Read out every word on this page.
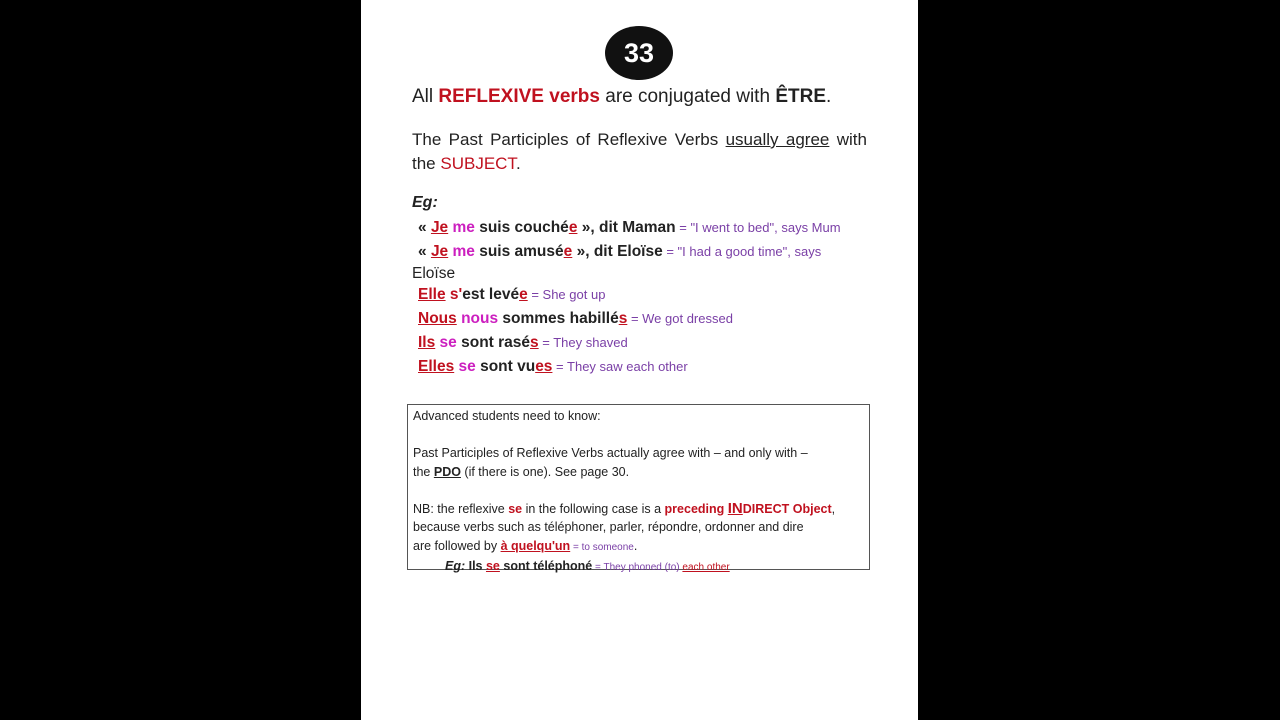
33
All REFLEXIVE verbs are conjugated with ÊTRE.
The Past Participles of Reflexive Verbs usually agree with the SUBJECT.
Eg:
« Je me suis couchée », dit Maman = "I went to bed", says Mum
« Je me suis amusée », dit Eloïse = "I had a good time", says
Eloïse
Elle s'est levée = She got up
Nous nous sommes habillés = We got dressed
Ils se sont rasés = They shaved
Elles se sont vues = They saw each other
Advanced students need to know:
Past Participles of Reflexive Verbs actually agree with – and only with –
the PDO (if there is one). See page 30.
NB: the reflexive se in the following case is a preceding INDIRECT Object,
because verbs such as téléphoner, parler, répondre, ordonner and dire
are followed by à quelqu'un = to someone.
Eg: Ils se sont téléphoné = They phoned (to) each other
